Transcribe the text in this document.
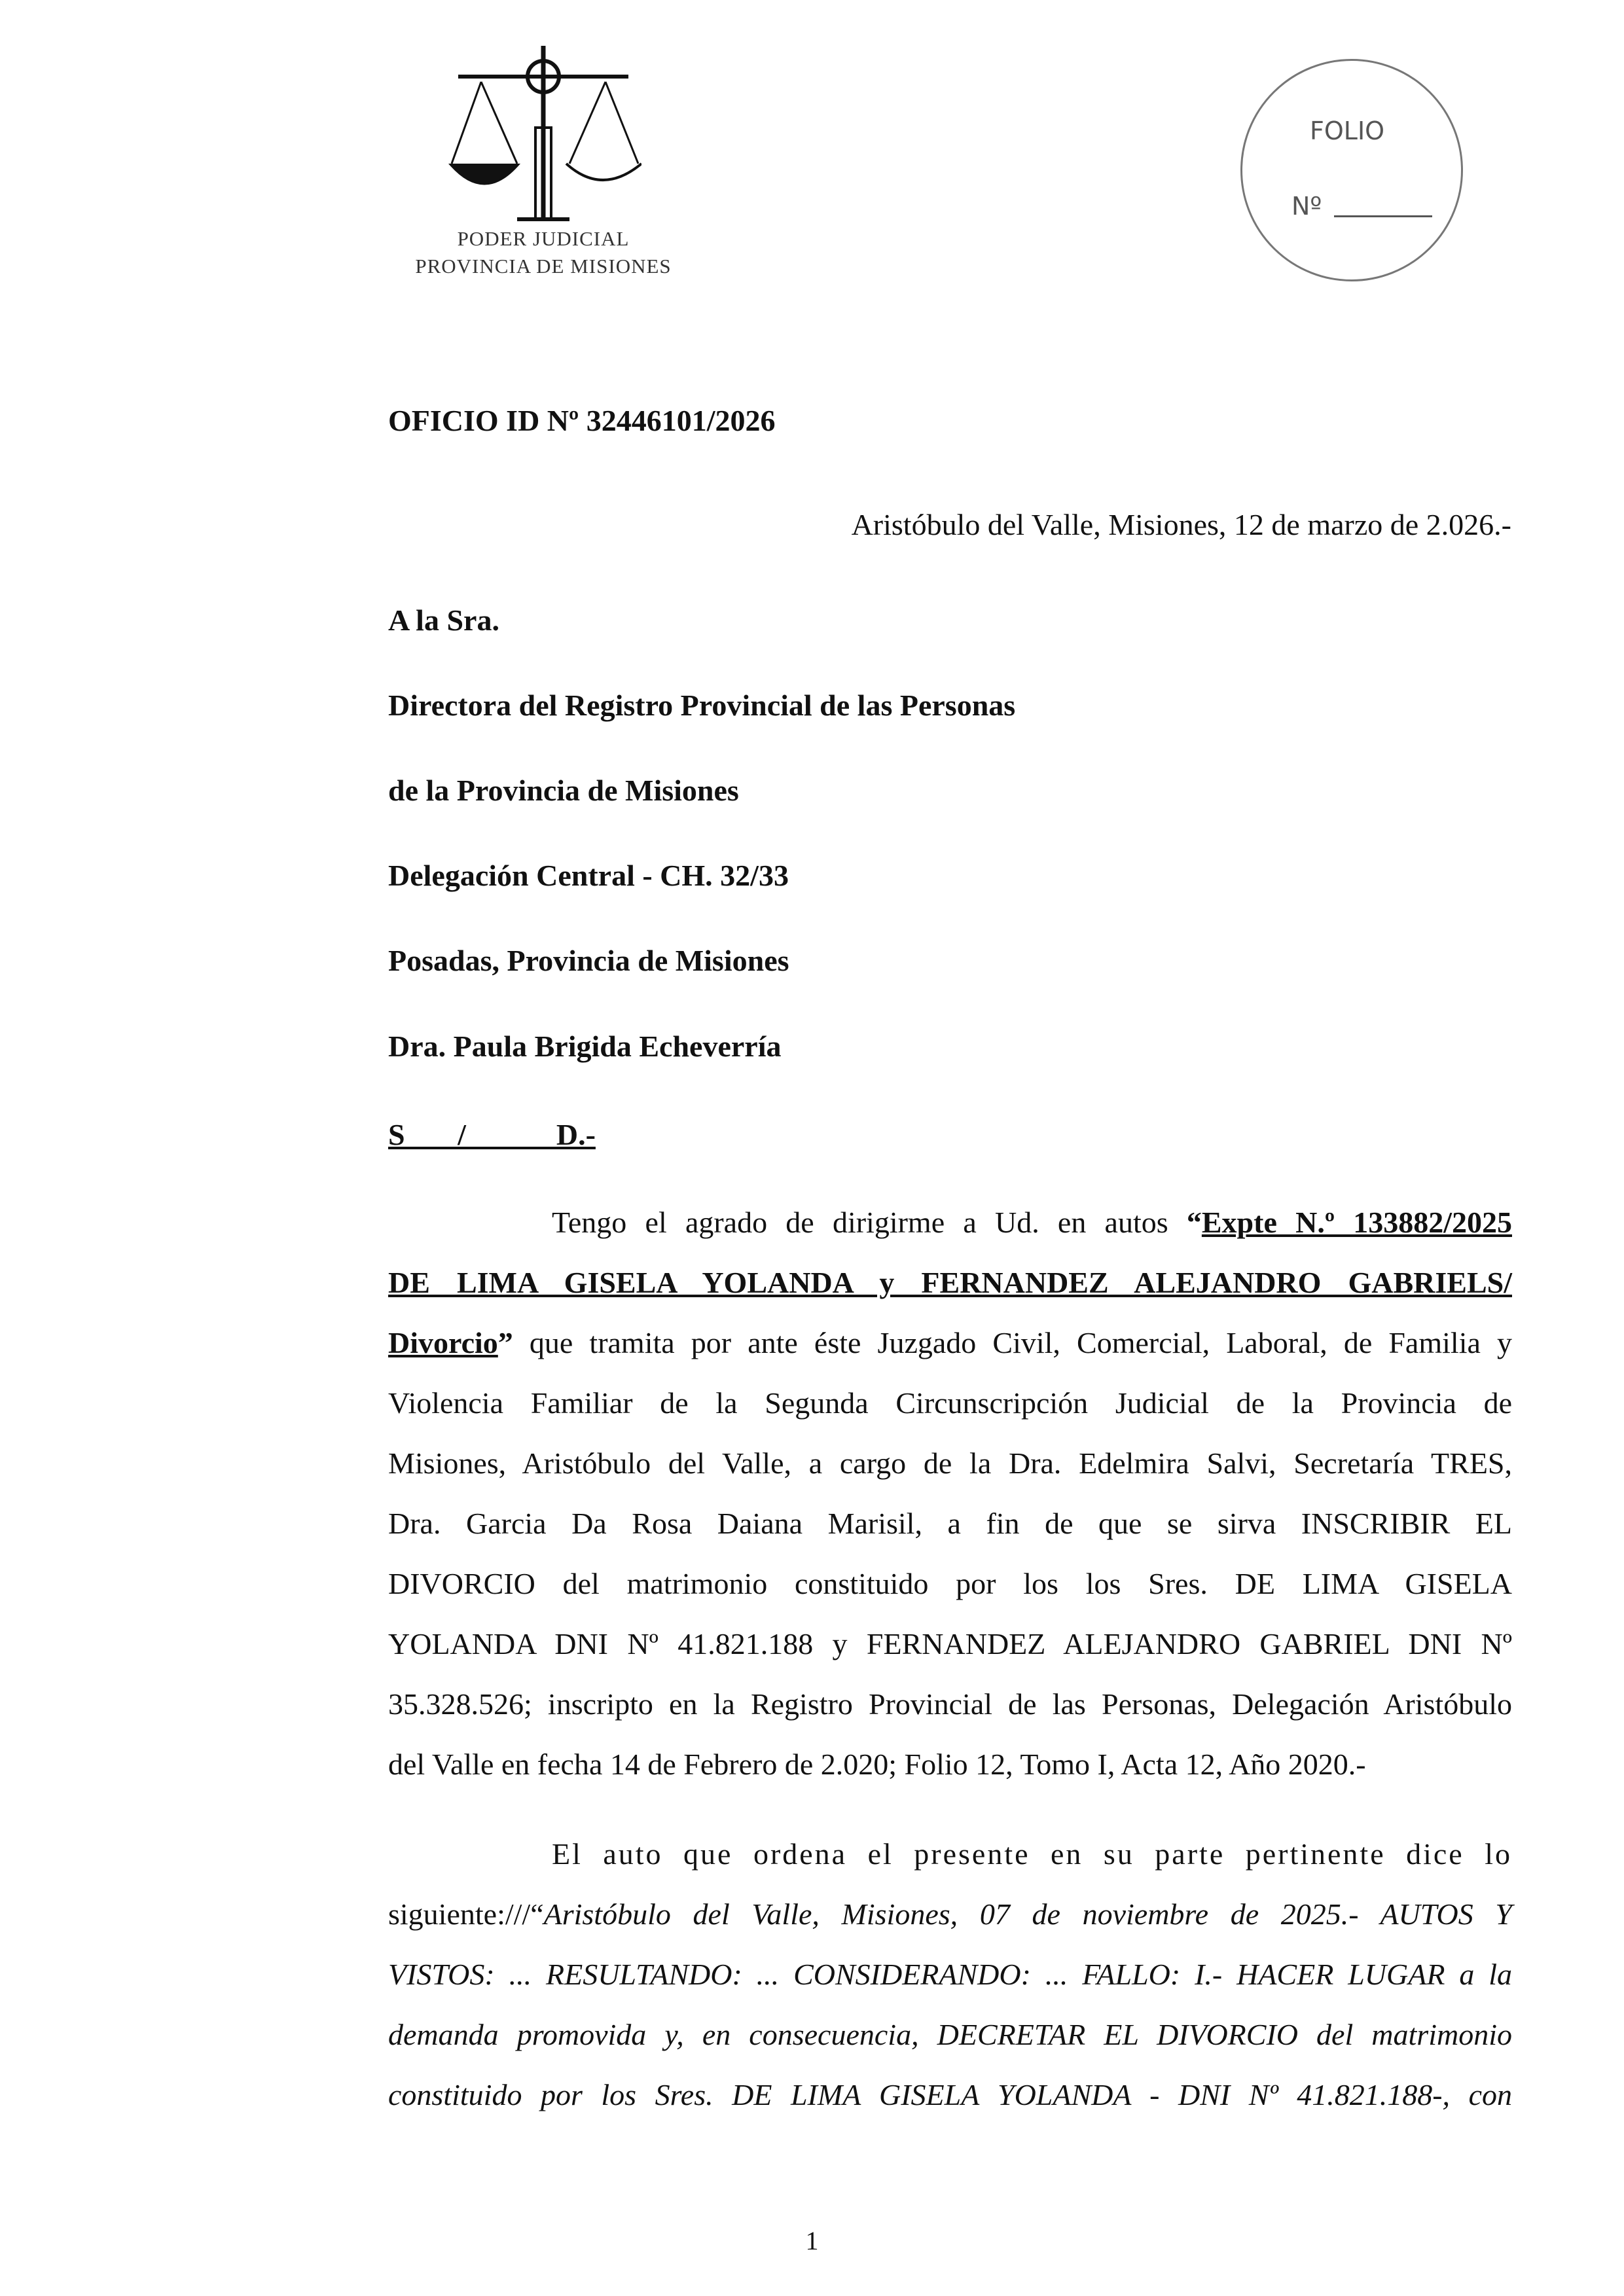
PODER JUDICIAL
PROVINCIA DE MISIONES
FOLIO
Nº
OFICIO ID Nº 32446101/2026
Aristóbulo del Valle, Misiones, 12 de marzo de 2.026.-
A la Sra.
Directora del Registro Provincial de las Personas
de la Provincia de Misiones
Delegación Central - CH. 32/33
Posadas, Provincia de Misiones
Dra. Paula Brigida Echeverría
S       /            D.-
Tengo el agrado de dirigirme a Ud. en autos “Expte N.º 133882/2025
DE LIMA GISELA YOLANDA y FERNANDEZ ALEJANDRO GABRIELS/
Divorcio” que tramita por ante éste Juzgado Civil, Comercial, Laboral, de Familia y
Violencia Familiar de la Segunda Circunscripción Judicial de la Provincia de
Misiones, Aristóbulo del Valle, a cargo de la Dra. Edelmira Salvi, Secretaría TRES,
Dra. Garcia Da Rosa Daiana Marisil, a fin de que se sirva INSCRIBIR EL
DIVORCIO del matrimonio constituido por los los Sres. DE LIMA GISELA
YOLANDA DNI Nº 41.821.188 y FERNANDEZ ALEJANDRO GABRIEL DNI Nº
35.328.526; inscripto en la Registro Provincial de las Personas, Delegación Aristóbulo
del Valle en fecha 14 de Febrero de 2.020; Folio 12, Tomo I, Acta 12, Año 2020.-
El auto que ordena el presente en su parte pertinente dice lo
siguiente:///“Aristóbulo del Valle, Misiones, 07 de noviembre de 2025.- AUTOS Y
VISTOS: ... RESULTANDO: ... CONSIDERANDO: ... FALLO: I.- HACER LUGAR a la
demanda promovida y, en consecuencia, DECRETAR EL DIVORCIO del matrimonio
constituido por los Sres. DE LIMA GISELA YOLANDA - DNI Nº 41.821.188-, con
1
